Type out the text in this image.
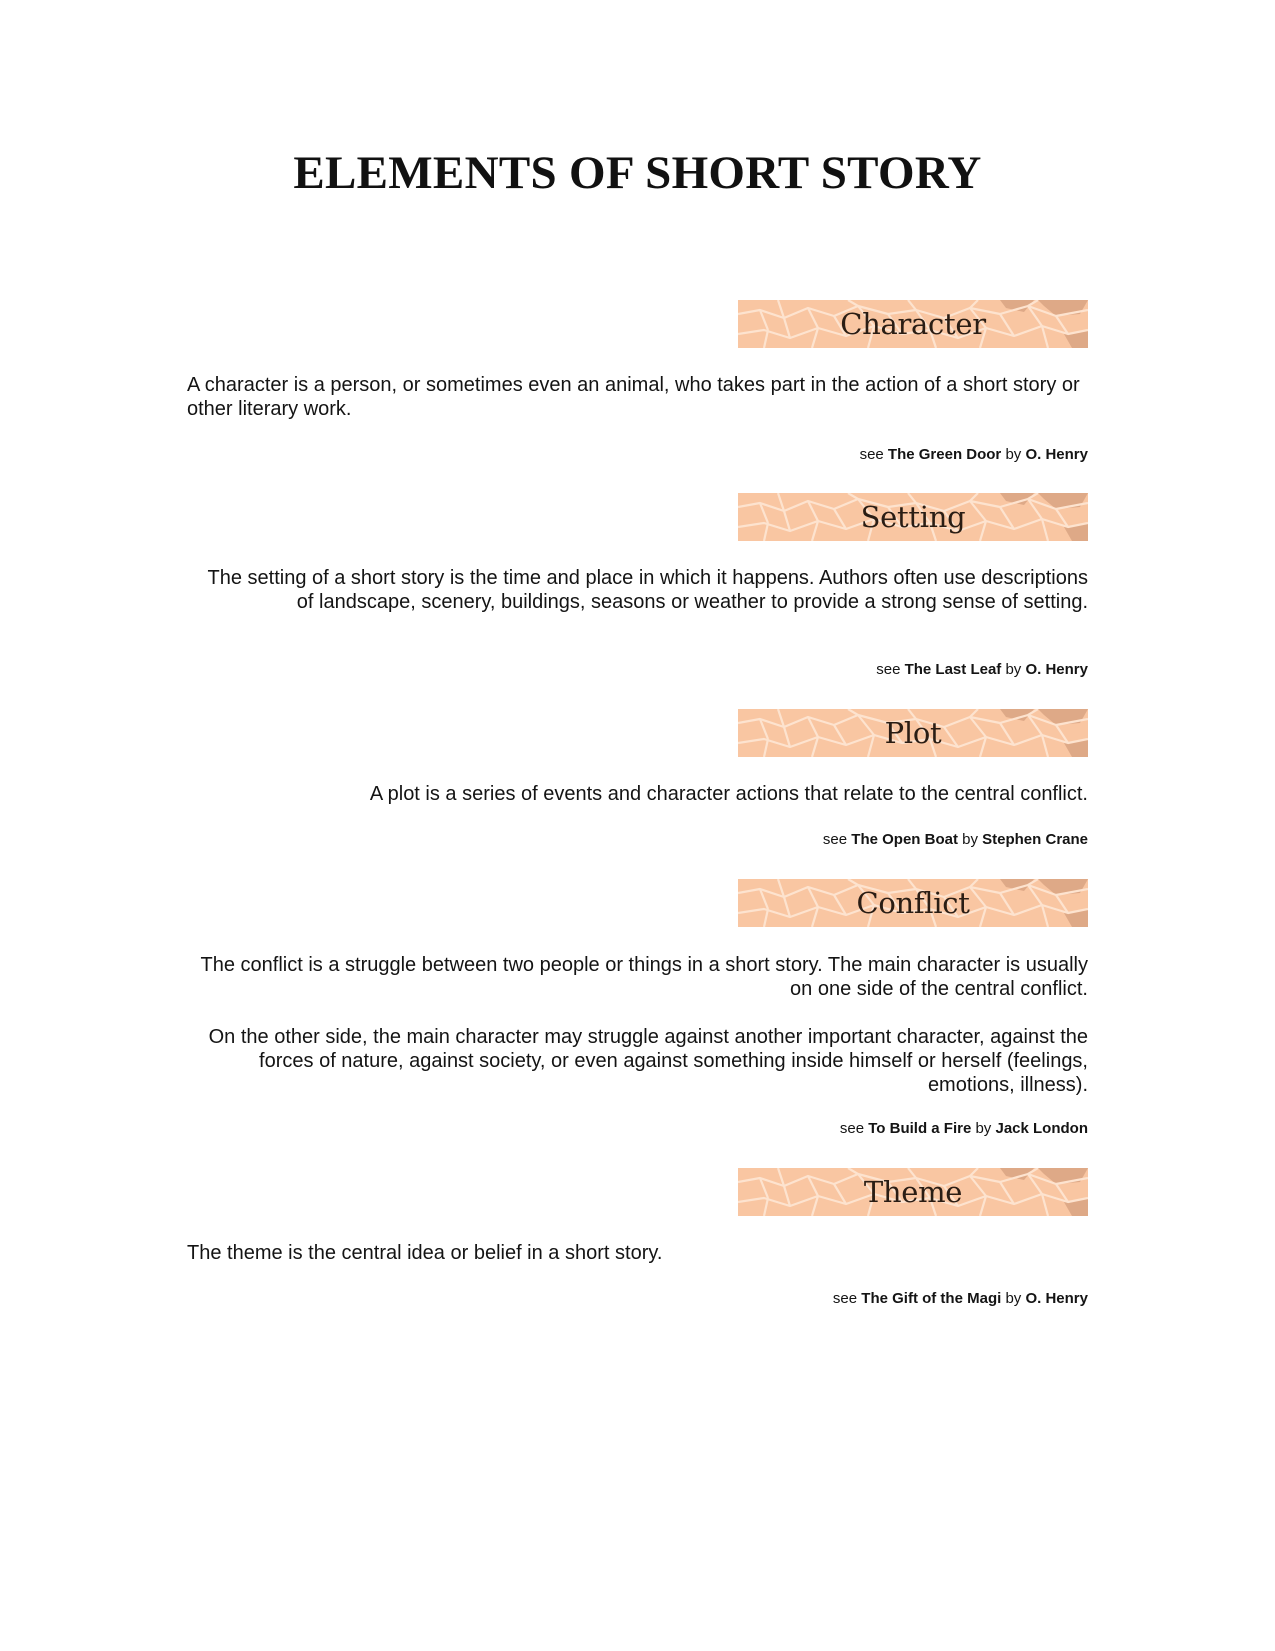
ELEMENTS OF SHORT STORY
Character

A character is a person, or sometimes even an animal, who takes part in the action of a short story or other literary work.

see The Green Door by O. Henry
Setting

The setting of a short story is the time and place in which it happens. Authors often use descriptions of landscape, scenery, buildings, seasons or weather to provide a strong sense of setting.

see The Last Leaf by O. Henry
Plot

A plot is a series of events and character actions that relate to the central conflict.

see The Open Boat by Stephen Crane
Conflict

The conflict is a struggle between two people or things in a short story. The main character is usually on one side of the central conflict.

On the other side, the main character may struggle against another important character, against the forces of nature, against society, or even against something inside himself or herself (feelings, emotions, illness).

see To Build a Fire by Jack London
Theme

The theme is the central idea or belief in a short story.

see The Gift of the Magi by O. Henry
